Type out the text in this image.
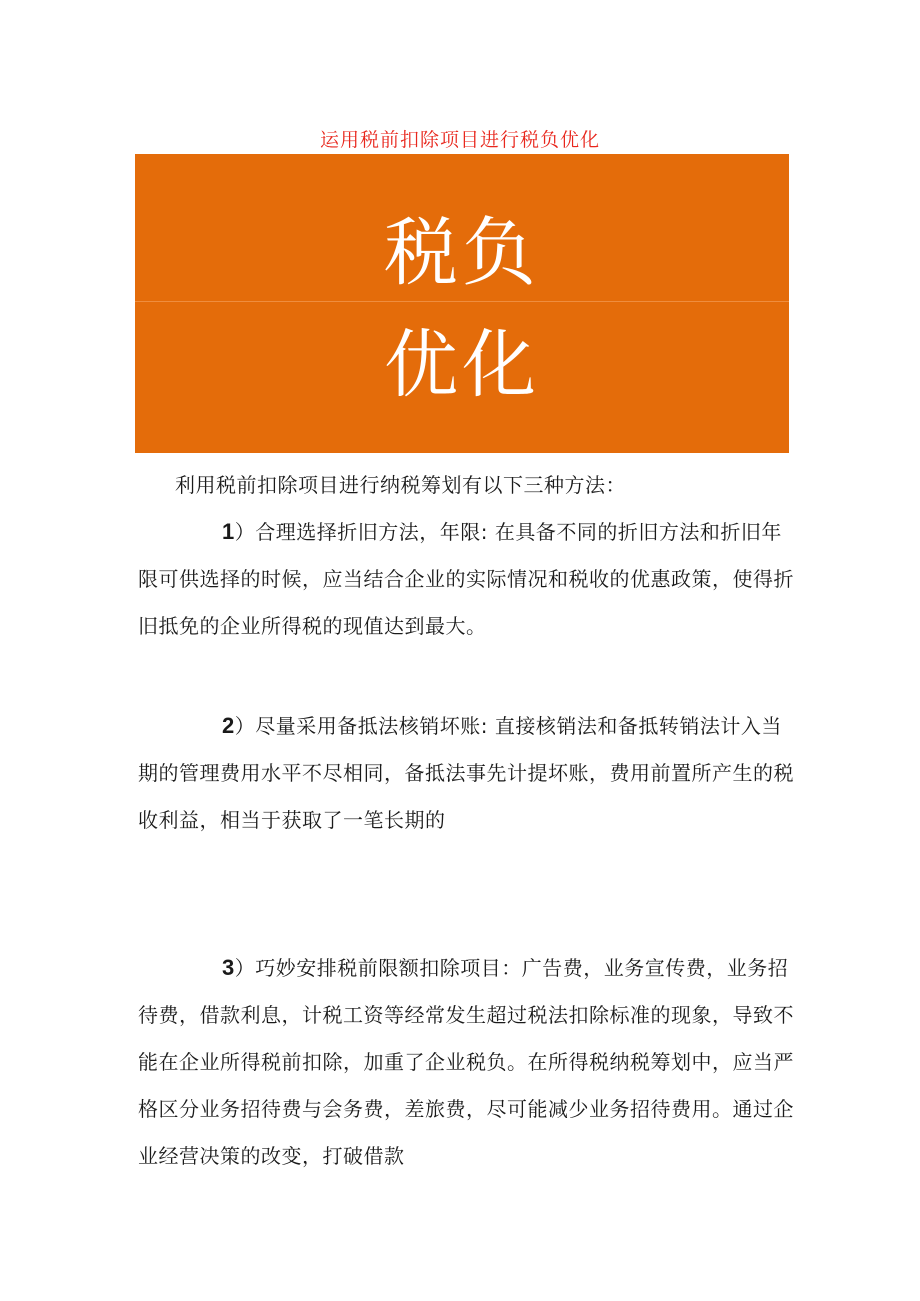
运用税前扣除项目进行税负优化
税负
优化
利用税前扣除项目进行纳税筹划有以下三种方法：
1）合理选择折旧方法，年限: 在具备不同的折旧方法和折旧年限可供选择的时候，应当结合企业的实际情况和税收的优惠政策，使得折旧抵免的企业所得税的现值达到最大。
2）尽量采用备抵法核销坏账: 直接核销法和备抵转销法计入当期的管理费用水平不尽相同，备抵法事先计提坏账，费用前置所产生的税收利益，相当于获取了一笔长期的
3）巧妙安排税前限额扣除项目：广告费，业务宣传费，业务招待费，借款利息，计税工资等经常发生超过税法扣除标准的现象，导致不能在企业所得税前扣除，加重了企业税负。在所得税纳税筹划中，应当严格区分业务招待费与会务费，差旅费，尽可能减少业务招待费用。通过企业经营决策的改变，打破借款
